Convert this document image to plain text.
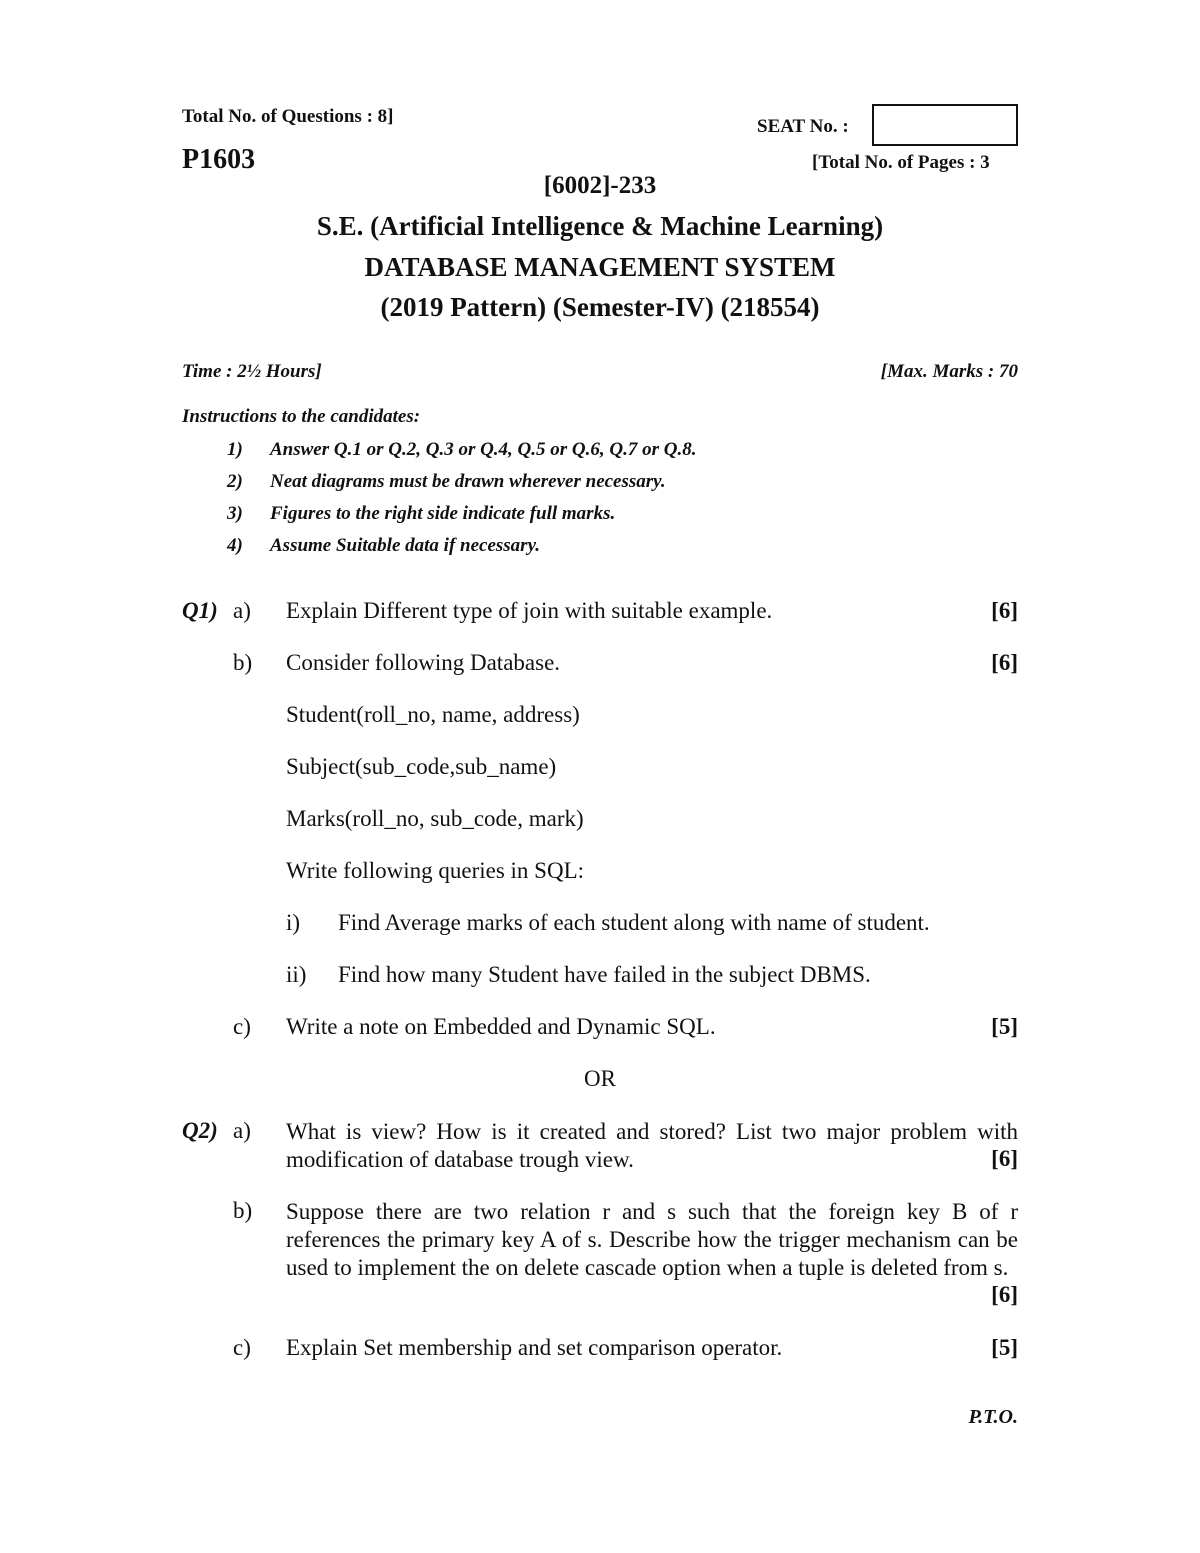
Total No. of Questions : 8]	SEAT No. :
P1603	[Total No. of Pages : 3
[6002]-233
S.E. (Artificial Intelligence & Machine Learning)
DATABASE MANAGEMENT SYSTEM
(2019 Pattern) (Semester-IV) (218554)
Time : 2½ Hours]	[Max. Marks : 70
Instructions to the candidates:
1) Answer Q.1 or Q.2, Q.3 or Q.4, Q.5 or Q.6, Q.7 or Q.8.
2) Neat diagrams must be drawn wherever necessary.
3) Figures to the right side indicate full marks.
4) Assume Suitable data if necessary.
Q1) a) Explain Different type of join with suitable example.	[6]
b) Consider following Database.	[6]
Student(roll_no, name, address)
Subject(sub_code,sub_name)
Marks(roll_no, sub_code, mark)
Write following queries in SQL:
i) Find Average marks of each student along with name of student.
ii) Find how many Student have failed in the subject DBMS.
c) Write a note on Embedded and Dynamic SQL.	[5]
OR
Q2) a) What is view? How is it created and stored? List two major problem with modification of database trough view.	[6]
b) Suppose there are two relation r and s such that the foreign key B of r references the primary key A of s. Describe how the trigger mechanism can be used to implement the on delete cascade option when a tuple is deleted from s.
[6]
c) Explain Set membership and set comparison operator.	[5]
P.T.O.
